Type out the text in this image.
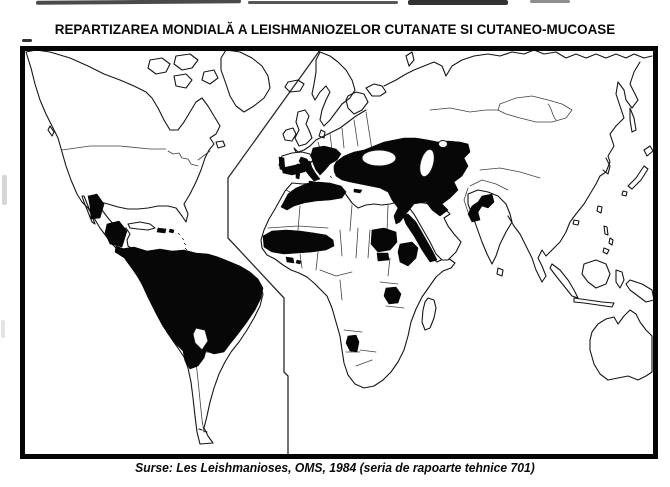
REPARTIZAREA MONDIALĂ A LEISHMANIOZELOR CUTANATE SI CUTANEO-MUCOASE
Surse: Les Leishmanioses, OMS, 1984 (seria de rapoarte tehnice 701)
